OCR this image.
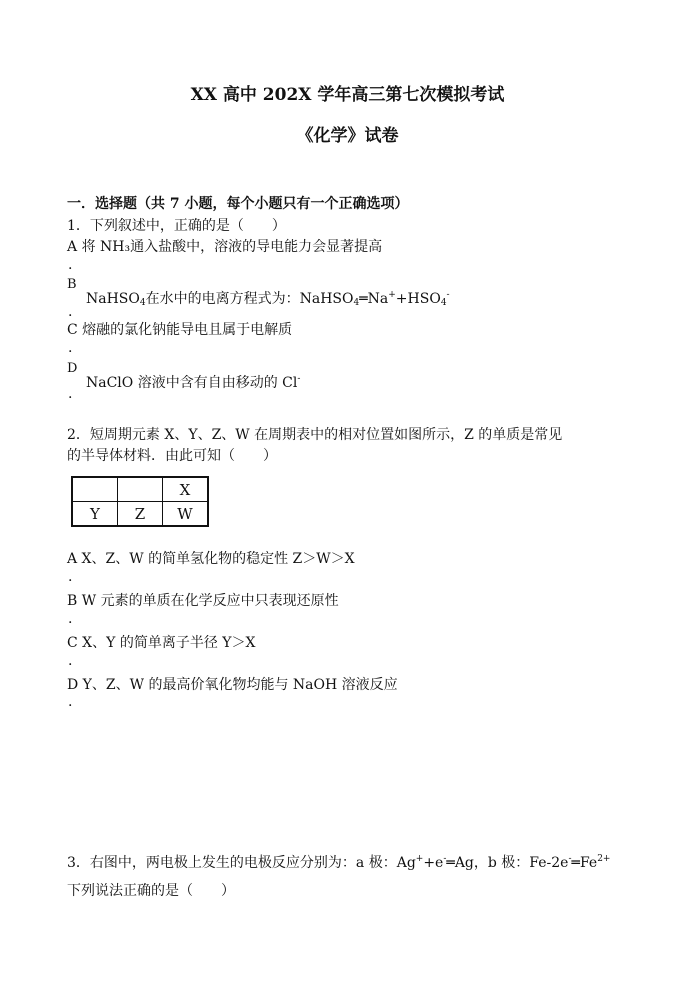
XX 高中 202X 学年高三第七次模拟考试
《化学》试卷
一．选择题（共 7 小题，每个小题只有一个正确选项）
1．下列叙述中，正确的是（　　）
A 将 NH₃通入盐酸中，溶液的导电能力会显著提高
.
B
NaHSO$_4$在水中的电离方程式为：$NaHSO_4═Na^++HSO_4^-$
.
C 熔融的氯化钠能导电且属于电解质
.
D
NaClO 溶液中含有自由移动的 Cl-
.
2．短周期元素 X、Y、Z、W 在周期表中的相对位置如图所示，Z 的单质是常见
的半导体材料．由此可知（　　）
		X
Y	Z	W
A X、Z、W 的简单氢化物的稳定性 Z＞W＞X
.
B W 元素的单质在化学反应中只表现还原性
.
C X、Y 的简单离子半径 Y＞X
.
D Y、Z、W 的最高价氧化物均能与 NaOH 溶液反应
.
3．右图中，两电极上发生的电极反应分别为：a 极：Ag++e-═Ag，b 极：$Fe-2e^-═Fe^{2+}$
下列说法正确的是（　　）
